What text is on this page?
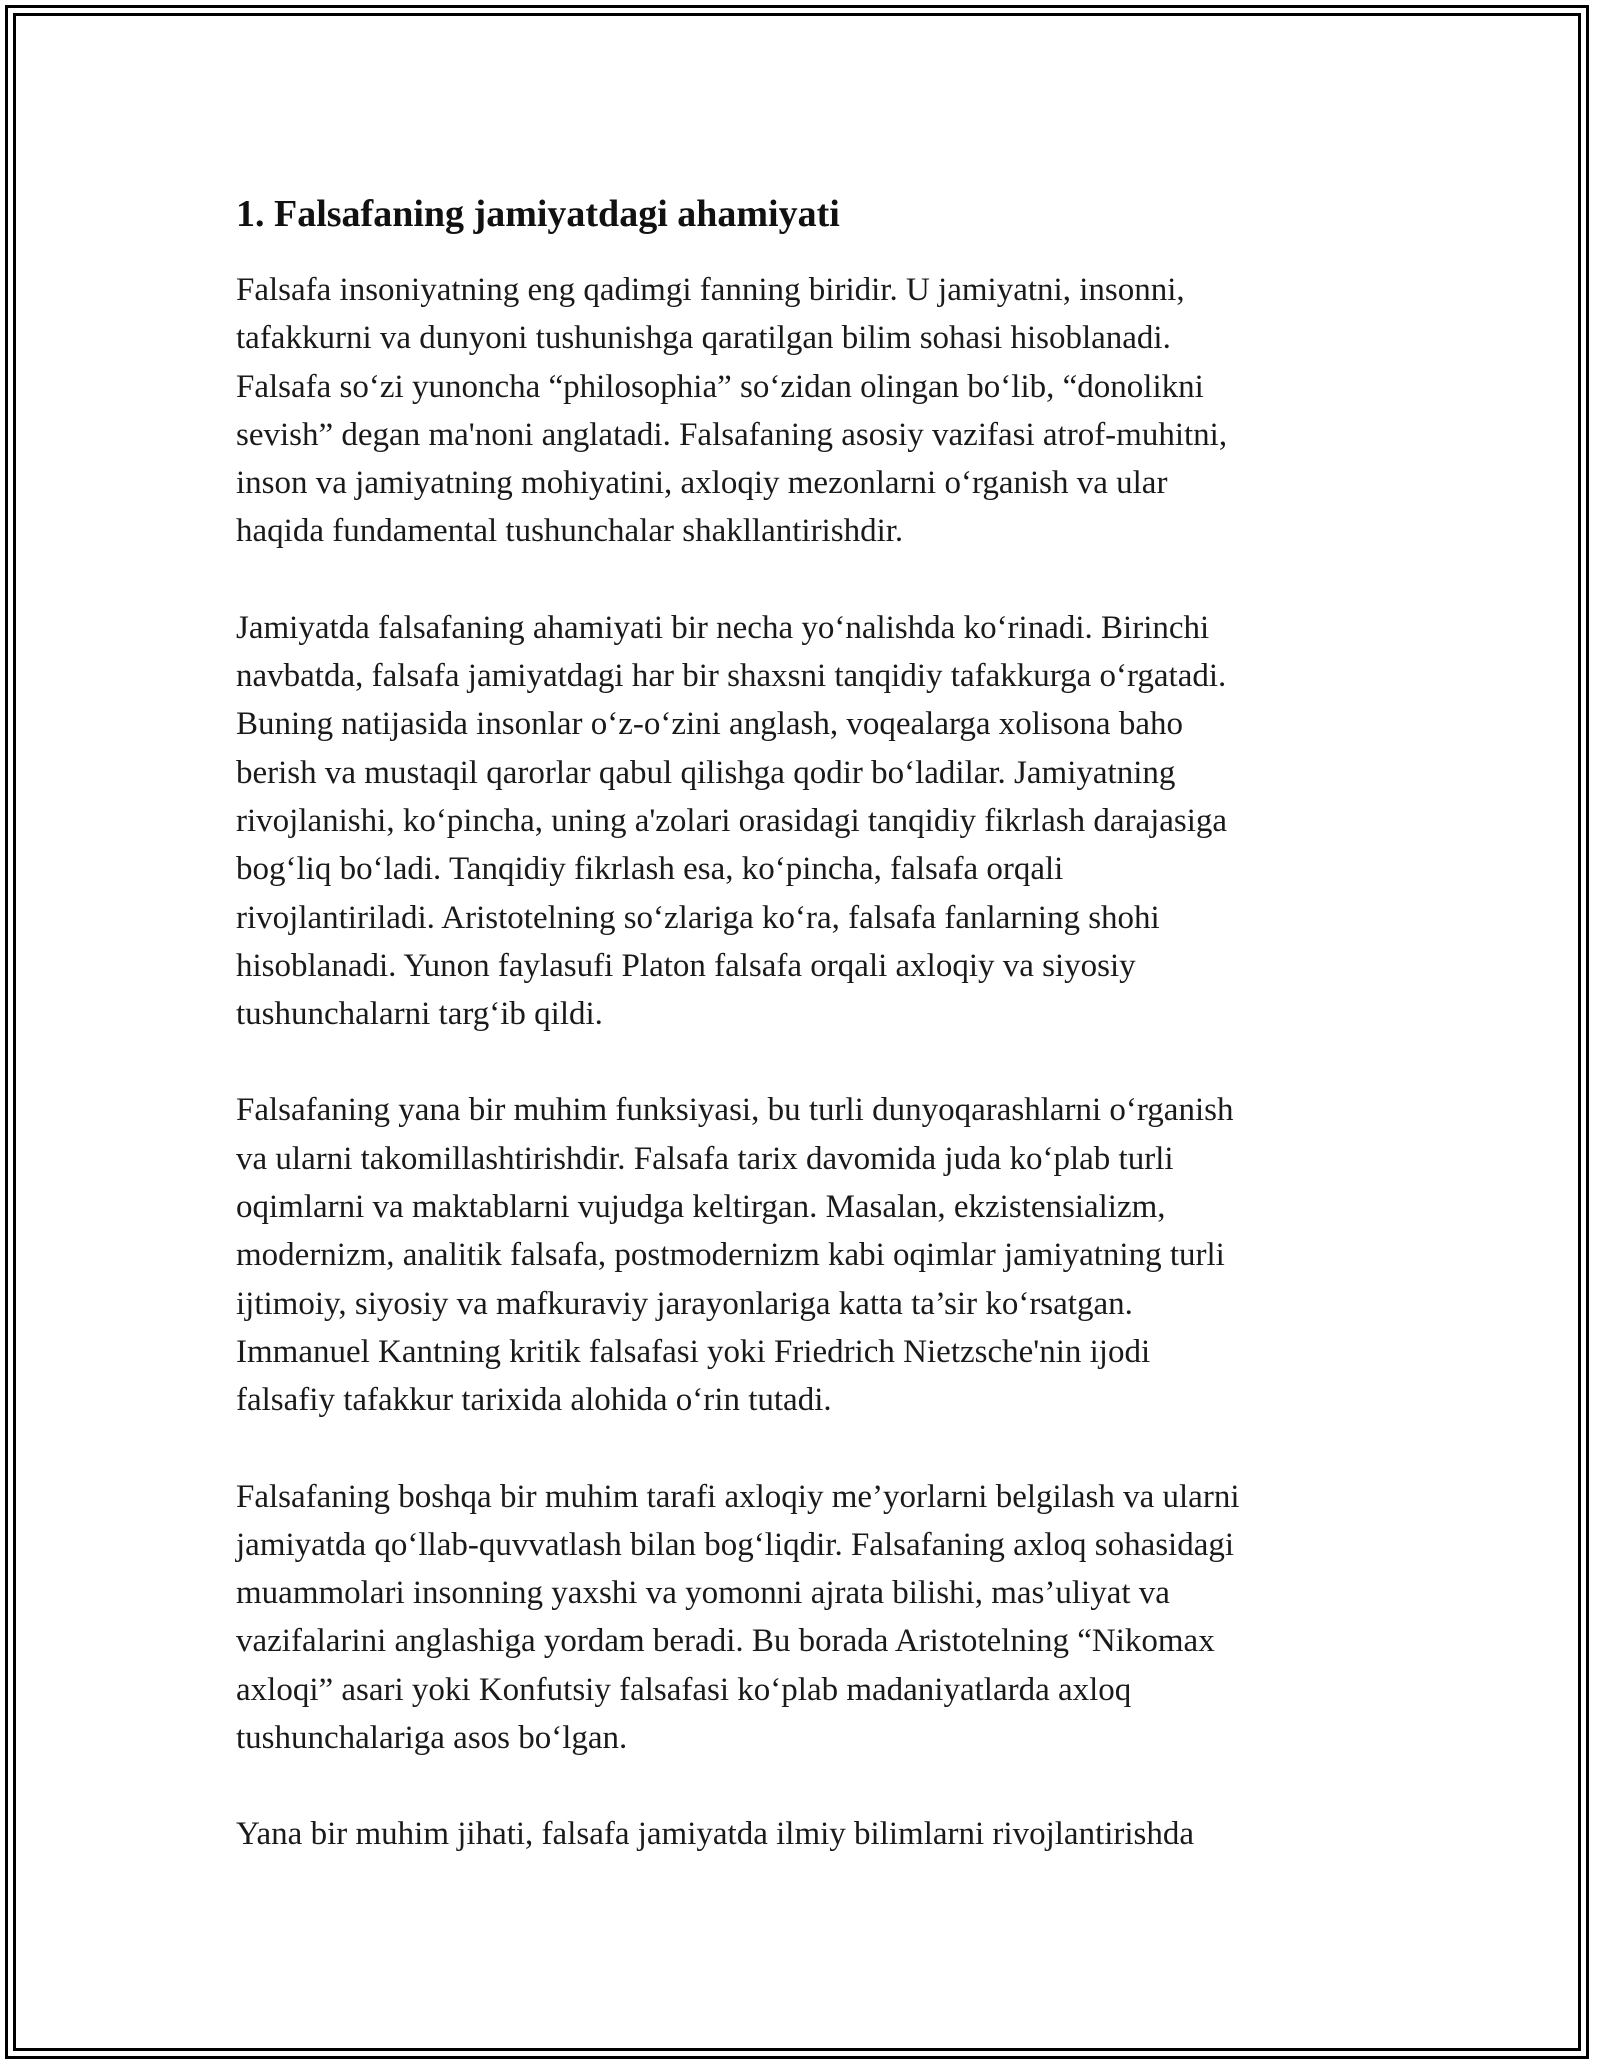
1. Falsafaning jamiyatdagi ahamiyati

Falsafa insoniyatning eng qadimgi fanning biridir. U jamiyatni, insonni,
tafakkurni va dunyoni tushunishga qaratilgan bilim sohasi hisoblanadi.
Falsafa so‘zi yunoncha “philosophia” so‘zidan olingan bo‘lib, “donolikni
sevish” degan ma'noni anglatadi. Falsafaning asosiy vazifasi atrof-muhitni,
inson va jamiyatning mohiyatini, axloqiy mezonlarni o‘rganish va ular
haqida fundamental tushunchalar shakllantirishdir.

Jamiyatda falsafaning ahamiyati bir necha yo‘nalishda ko‘rinadi. Birinchi
navbatda, falsafa jamiyatdagi har bir shaxsni tanqidiy tafakkurga o‘rgatadi.
Buning natijasida insonlar o‘z-o‘zini anglash, voqealarga xolisona baho
berish va mustaqil qarorlar qabul qilishga qodir bo‘ladilar. Jamiyatning
rivojlanishi, ko‘pincha, uning a'zolari orasidagi tanqidiy fikrlash darajasiga
bog‘liq bo‘ladi. Tanqidiy fikrlash esa, ko‘pincha, falsafa orqali
rivojlantiriladi. Aristotelning so‘zlariga ko‘ra, falsafa fanlarning shohi
hisoblanadi. Yunon faylasufi Platon falsafa orqali axloqiy va siyosiy
tushunchalarni targ‘ib qildi.

Falsafaning yana bir muhim funksiyasi, bu turli dunyoqarashlarni o‘rganish
va ularni takomillashtirishdir. Falsafa tarix davomida juda ko‘plab turli
oqimlarni va maktablarni vujudga keltirgan. Masalan, ekzistensializm,
modernizm, analitik falsafa, postmodernizm kabi oqimlar jamiyatning turli
ijtimoiy, siyosiy va mafkuraviy jarayonlariga katta ta’sir ko‘rsatgan.
Immanuel Kantning kritik falsafasi yoki Friedrich Nietzsche'nin ijodi
falsafiy tafakkur tarixida alohida o‘rin tutadi.

Falsafaning boshqa bir muhim tarafi axloqiy me’yorlarni belgilash va ularni
jamiyatda qo‘llab-quvvatlash bilan bog‘liqdir. Falsafaning axloq sohasidagi
muammolari insonning yaxshi va yomonni ajrata bilishi, mas’uliyat va
vazifalarini anglashiga yordam beradi. Bu borada Aristotelning “Nikomax
axloqi” asari yoki Konfutsiy falsafasi ko‘plab madaniyatlarda axloq
tushunchalariga asos bo‘lgan.

Yana bir muhim jihati, falsafa jamiyatda ilmiy bilimlarni rivojlantirishda
